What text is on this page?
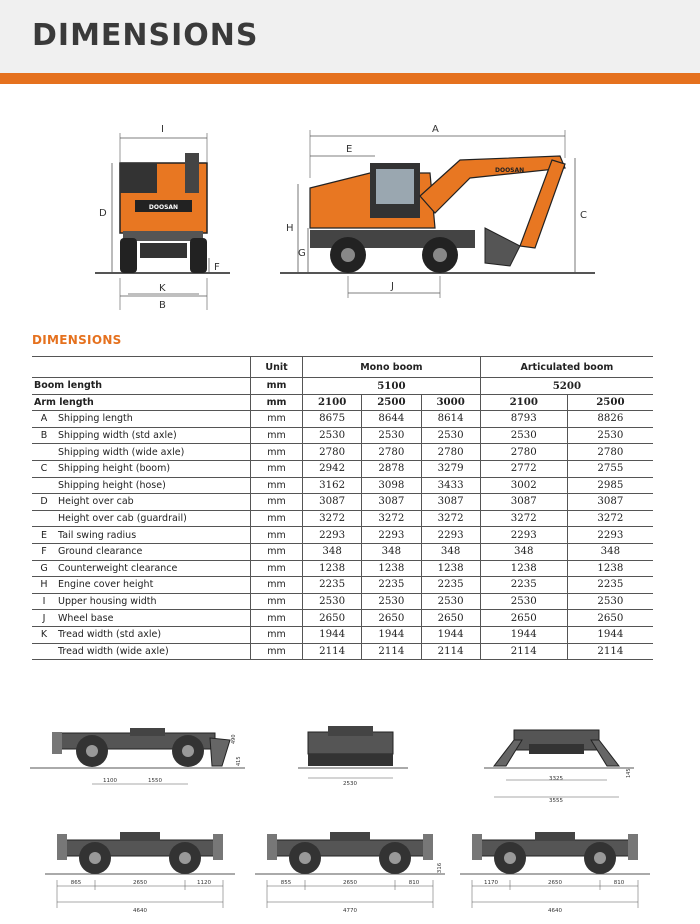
DIMENSIONS
DOOSAN
I
D
F
K
B
DOOSAN
A
E
H
G
C
J

DIMENSIONS

		Unit	Mono boom			Articulated boom	
Boom length		mm	5100			5200	
Arm length		mm	2100	2500	3000	2100	2500
A	Shipping length	mm	8675	8644	8614	8793	8826
B	Shipping width (std axle)	mm	2530	2530	2530	2530	2530
	Shipping width (wide axle)	mm	2780	2780	2780	2780	2780
C	Shipping height (boom)	mm	2942	2878	3279	2772	2755
	Shipping height (hose)	mm	3162	3098	3433	3002	2985
D	Height over cab	mm	3087	3087	3087	3087	3087
	Height over cab (guardrail)	mm	3272	3272	3272	3272	3272
E	Tail swing radius	mm	2293	2293	2293	2293	2293
F	Ground clearance	mm	348	348	348	348	348
G	Counterweight clearance	mm	1238	1238	1238	1238	1238
H	Engine cover height	mm	2235	2235	2235	2235	2235
I	Upper housing width	mm	2530	2530	2530	2530	2530
J	Wheel base	mm	2650	2650	2650	2650	2650
K	Tread width (std axle)	mm	1944	1944	1944	1944	1944
	Tread width (wide axle)	mm	2114	2114	2114	2114	2114
1100	1550
490
415
2530
3325
3555
145
865	2650	1120
4640
855	2650	810
4770
316
1170	2650	810
4640
